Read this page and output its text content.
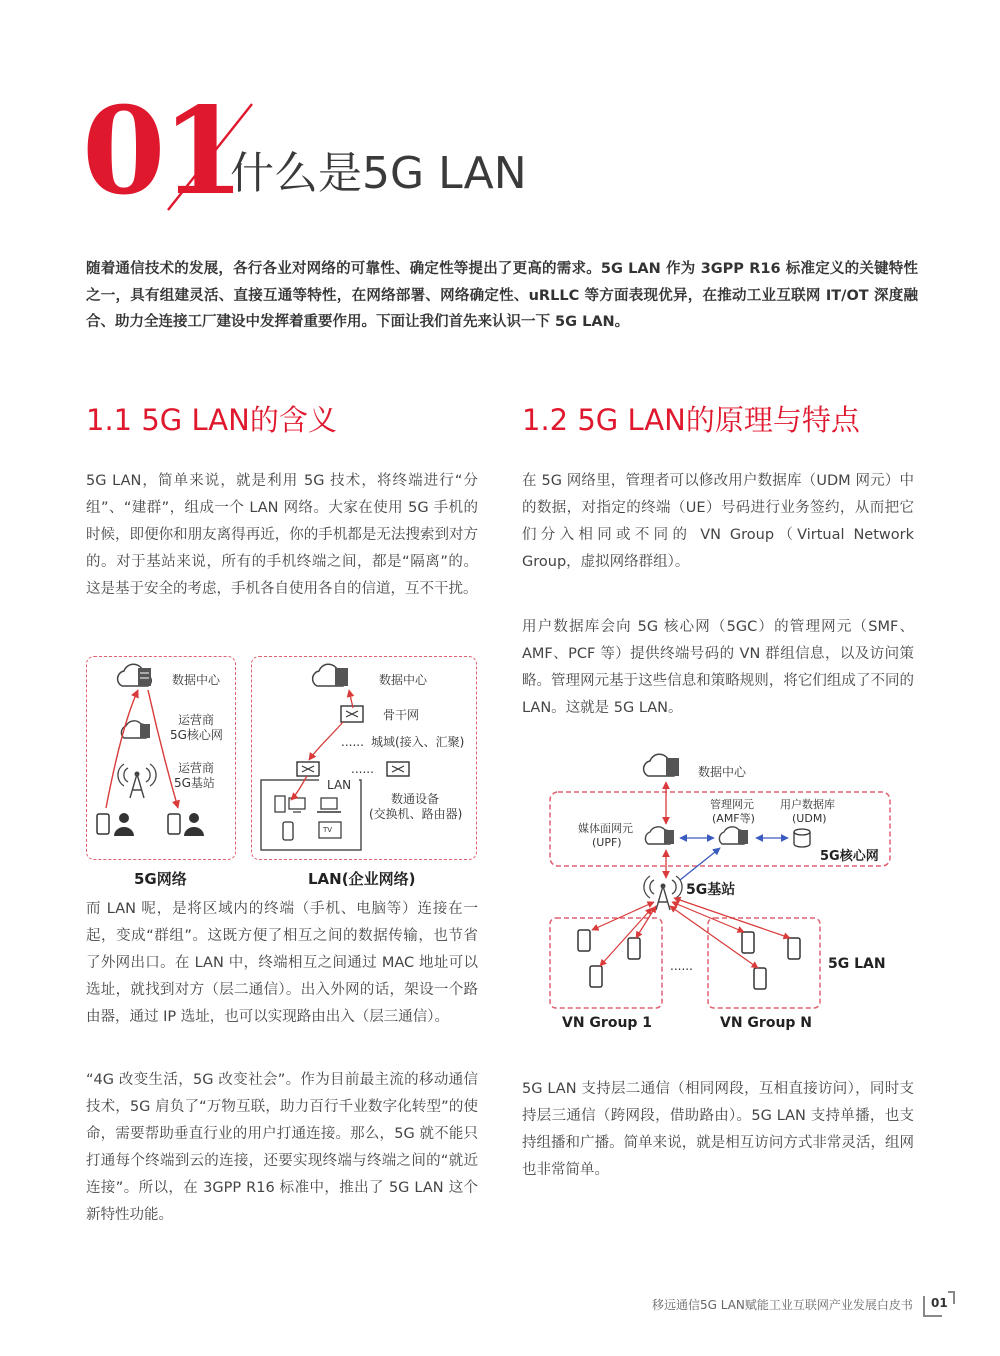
01
什么是5G LAN

随着通信技术的发展，各行各业对网络的可靠性、确定性等提出了更高的需求。5G LAN 作为 3GPP R16 标准定义的关键特性之一，具有组建灵活、直接互通等特性，在网络部署、网络确定性、uRLLC 等方面表现优异，在推动工业互联网 IT/OT 深度融合、助力全连接工厂建设中发挥着重要作用。下面让我们首先来认识一下 5G LAN。

1.1 5G LAN的含义	1.2 5G LAN的原理与特点

5G LAN，简单来说，就是利用 5G 技术，将终端进行“分组”、“建群”，组成一个 LAN 网络。大家在使用 5G 手机的时候，即便你和朋友离得再近，你的手机都是无法搜索到对方的。对于基站来说，所有的手机终端之间，都是“隔离”的。这是基于安全的考虑，手机各自使用各自的信道，互不干扰。

而 LAN 呢，是将区域内的终端（手机、电脑等）连接在一起，变成“群组”。这既方便了相互之间的数据传输，也节省了外网出口。在 LAN 中，终端相互之间通过 MAC 地址可以选址，就找到对方（层二通信）。出入外网的话，架设一个路由器，通过 IP 选址，也可以实现路由出入（层三通信）。

“4G 改变生活，5G 改变社会”。作为目前最主流的移动通信技术，5G 肩负了“万物互联，助力百行千业数字化转型”的使命，需要帮助垂直行业的用户打通连接。那么，5G 就不能只打通每个终端到云的连接，还要实现终端与终端之间的“就近连接”。所以，在 3GPP R16 标准中，推出了 5G LAN 这个新特性功能。

在 5G 网络里，管理者可以修改用户数据库（UDM 网元）中的数据，对指定的终端（UE）号码进行业务签约，从而把它们分入相同或不同的 VN Group（Virtual Network Group，虚拟网络群组）。

用户数据库会向 5G 核心网（5GC）的管理网元（SMF、AMF、PCF 等）提供终端号码的 VN 群组信息，以及访问策略。管理网元基于这些信息和策略规则，将它们组成了不同的 LAN。这就是 5G LAN。

5G LAN 支持层二通信（相同网段，互相直接访问），同时支持层三通信（跨网段，借助路由）。5G LAN 支持单播，也支持组播和广播。简单来说，就是相互访问方式非常灵活，组网也非常简单。

数据中心
运营商
5G核心网
运营商
5G基站
5G网络
数据中心
骨干网
...... 城域(接入、汇聚)
......
LAN
TV
数通设备
(交换机、路由器)
LAN(企业网络)
数据中心
媒体面网元
(UPF)
管理网元
(AMF等)
用户数据库
(UDM)
5G核心网
5G基站
......	5G LAN
VN Group 1	VN Group N
移远通信5G LAN赋能工业互联网产业发展白皮书 01
